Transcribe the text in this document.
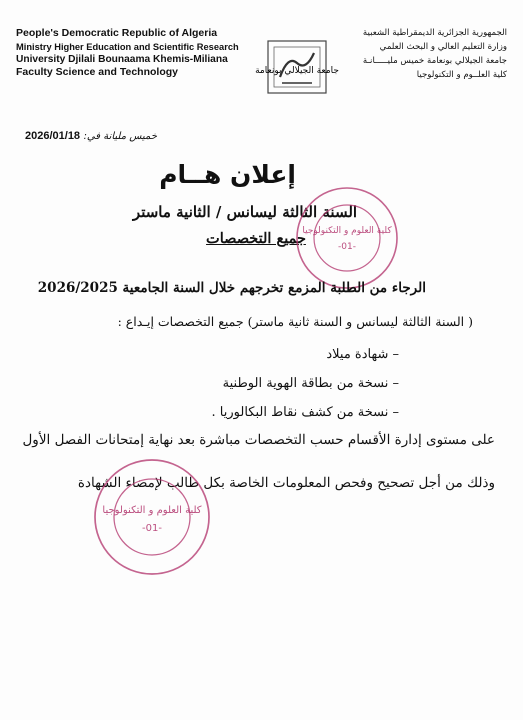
People's Democratic Republic of Algeria
Ministry Higher Education and Scientific Research
University Djilali Bounaama Khemis-Miliana
Faculty Science and Technology	جامعة الجيلالي بونعامة
الجمهورية الجزائرية الديمقراطية الشعبية
وزارة التعليم العالي و البحث العلمي
جامعة الجيلالي بونعامة خميس مليـــــانـة
كلية العلــوم و التكنولوجيا
خميس مليانة في: 2026/01/18
إعلان هــام
السنة الثالثة ليسانس / الثانية ماستر
جميع التخصصات
كلية العلوم و التكنولوجيا
-01-
الرجاء من الطلبة المزمع تخرجهم خلال السنة الجامعية 2026/2025
( السنة الثالثة ليسانس و السنة ثانية ماستر) جميع التخصصات إيـداع :
– شهادة ميلاد
– نسخة من بطاقة الهوية الوطنية
– نسخة من كشف نقاط البكالوريا .
على مستوى إدارة الأقسام حسب التخصصات مباشرة بعد نهاية إمتحانات الفصل الأول
وذلك من أجل تصحيح وفحص المعلومات الخاصة بكل طالب لإمضاء الشهادة
كلية العلوم و التكنولوجيا
-01-
